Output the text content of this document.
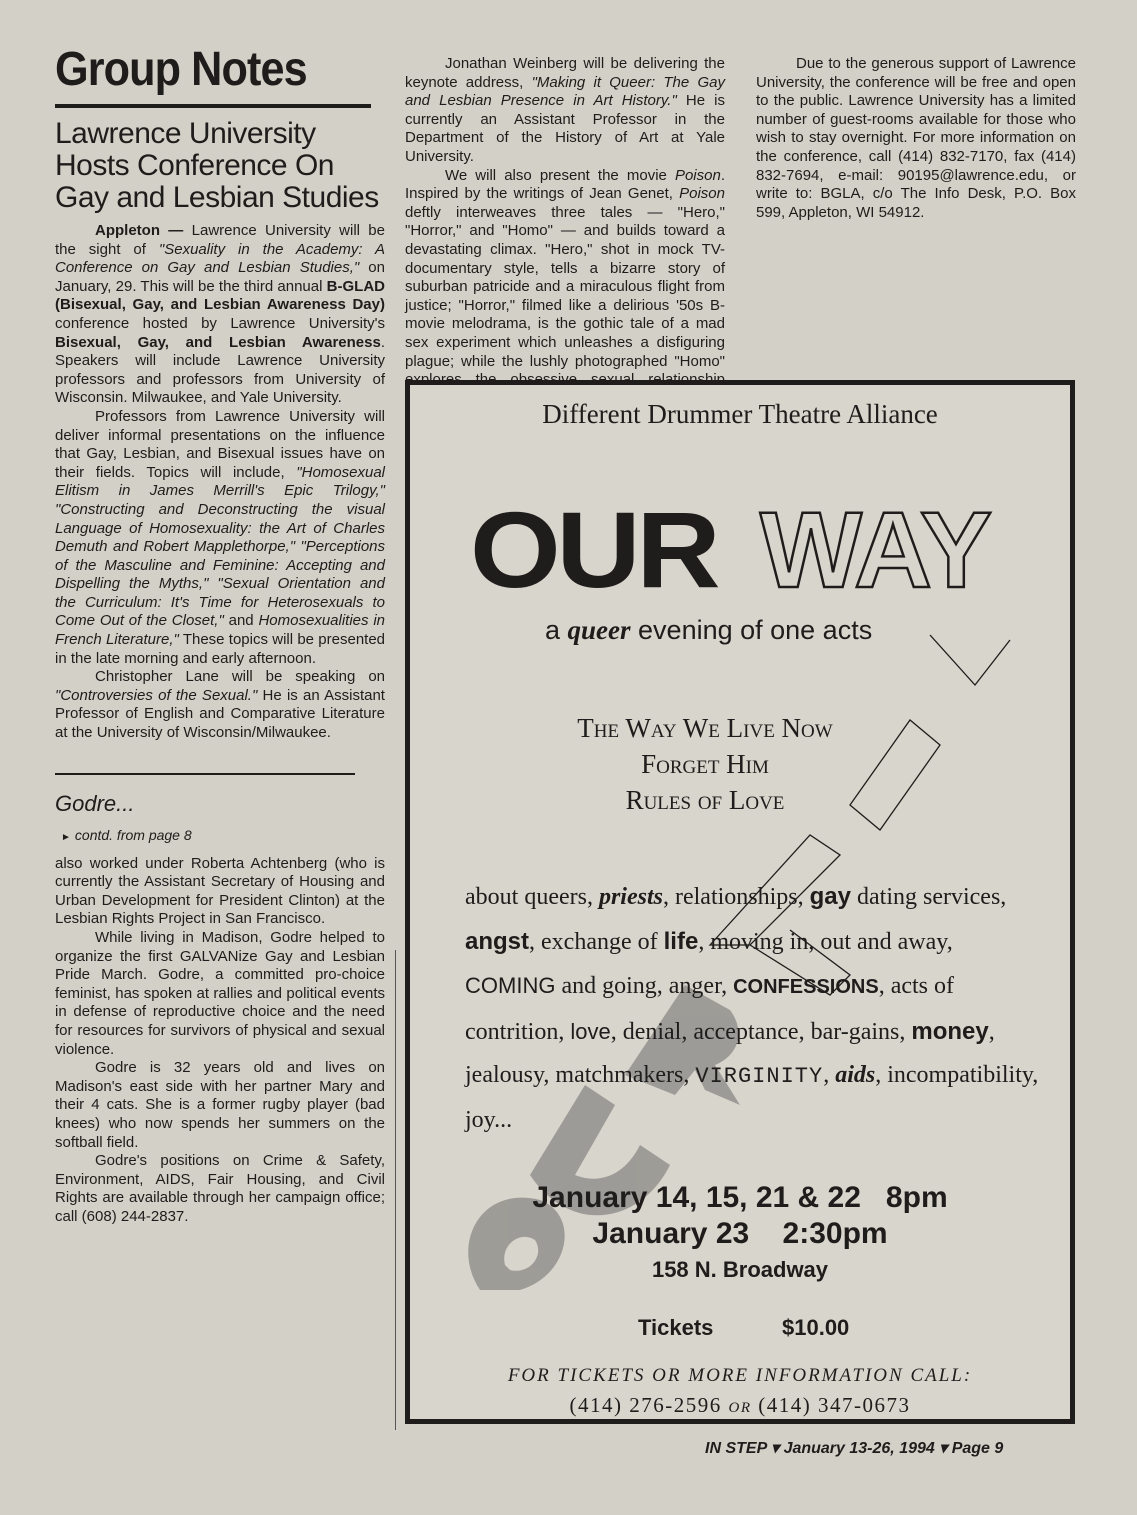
Group Notes
Lawrence University Hosts Conference On Gay and Lesbian Studies

Appleton — Lawrence University will be the sight of "Sexuality in the Academy: A Conference on Gay and Lesbian Studies," on January, 29. This will be the third annual B-GLAD (Bisexual, Gay, and Lesbian Awareness Day) conference hosted by Lawrence University's Bisexual, Gay, and Lesbian Awareness. Speakers will include Lawrence University professors and professors from University of Wisconsin. Milwaukee, and Yale University.

Professors from Lawrence University will deliver informal presentations on the influence that Gay, Lesbian, and Bisexual issues have on their fields. Topics will include, "Homosexual Elitism in James Merrill's Epic Trilogy," "Constructing and Deconstructing the visual Language of Homosexuality: the Art of Charles Demuth and Robert Mapplethorpe," "Perceptions of the Masculine and Feminine: Accepting and Dispelling the Myths," "Sexual Orientation and the Curriculum: It's Time for Heterosexuals to Come Out of the Closet," and Homosexualities in French Literature," These topics will be presented in the late morning and early afternoon.

Christopher Lane will be speaking on "Controversies of the Sexual." He is an Assistant Professor of English and Comparative Literature at the University of Wisconsin/Milwaukee.

Godre...
► contd. from page 8

also worked under Roberta Achtenberg (who is currently the Assistant Secretary of Housing and Urban Development for President Clinton) at the Lesbian Rights Project in San Francisco.

While living in Madison, Godre helped to organize the first GALVANize Gay and Lesbian Pride March. Godre, a committed pro-choice feminist, has spoken at rallies and political events in defense of reproductive choice and the need for resources for survivors of physical and sexual violence.

Godre is 32 years old and lives on Madison's east side with her partner Mary and their 4 cats. She is a former rugby player (bad knees) who now spends her summers on the softball field.

Godre's positions on Crime & Safety, Environment, AIDS, Fair Housing, and Civil Rights are available through her campaign office; call (608) 244-2837.

Jonathan Weinberg will be delivering the keynote address, "Making it Queer: The Gay and Lesbian Presence in Art History." He is currently an Assistant Professor in the Department of the History of Art at Yale University.

We will also present the movie Poison. Inspired by the writings of Jean Genet, Poison deftly interweaves three tales — "Hero," "Horror," and "Homo" — and builds toward a devastating climax. "Hero," shot in mock TV-documentary style, tells a bizarre story of suburban patricide and a miraculous flight from justice; "Horror," filmed like a delirious '50s B-movie melodrama, is the gothic tale of a mad sex experiment which unleashes a disfiguring plague; while the lushly photographed "Homo"

Due to the generous support of Lawrence University, the conference will be free and open to the public. Lawrence University has a limited number of guest-rooms available for those who wish to stay overnight. For more information on the conference, call (414) 832-7170, fax (414) 832-7694, e-mail: 90195@lawrence.edu, or write to: BGLA, c/o The Info Desk, P.O. Box 599, Appleton, WI 54912.

Different Drummer Theatre Alliance
OUR WAY
a queer evening of one acts
The Way We Live Now
Forget Him
Rules of Love
about queers, priests, relationships, gay dating services, angst, exchange of life, moving in, out and away, COMING and going, anger, CONFESSIONS, acts of contrition, love, denial, acceptance, bar-gains, money, jealousy, matchmakers, VIRGINITY, aids, incompatibility, joy...
January 14, 15, 21 & 22   8pm
January 23    2:30pm
158 N. Broadway
Tickets	$10.00
FOR TICKETS OR MORE INFORMATION CALL:
(414) 276-2596 or (414) 347-0673
IN STEP ▾ January 13-26, 1994 ▾ Page 9
